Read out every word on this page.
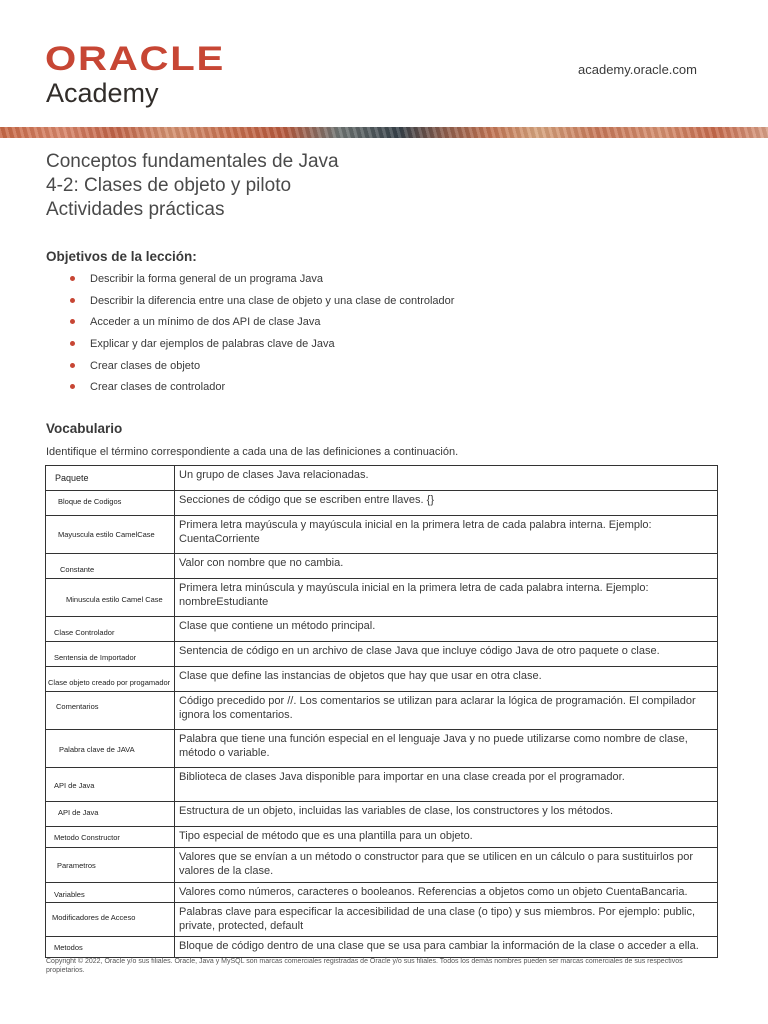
ORACLE
Academy
academy.oracle.com
Conceptos fundamentales de Java
4-2: Clases de objeto y piloto
Actividades prácticas
Objetivos de la lección:
Describir la forma general de un programa Java
Describir la diferencia entre una clase de objeto y una clase de controlador
Acceder a un mínimo de dos API de clase Java
Explicar y dar ejemplos de palabras clave de Java
Crear clases de objeto
Crear clases de controlador
Vocabulario
Identifique el término correspondiente a cada una de las definiciones a continuación.
Paquete	Un grupo de clases Java relacionadas.

Bloque de Codigos	Secciones de código que se escriben entre llaves. {}

Mayuscula estilo CamelCase	Primera letra mayúscula y mayúscula inicial en la primera letra de cada palabra interna. Ejemplo: CuentaCorriente

Constante	Valor con nombre que no cambia.

Minuscula estilo Camel Case	Primera letra minúscula y mayúscula inicial en la primera letra de cada palabra interna. Ejemplo: nombreEstudiante

Clase Controlador	Clase que contiene un método principal.

Sentensia de Importador	Sentencia de código en un archivo de clase Java que incluye código Java de otro paquete o clase.

Clase objeto creado por progamador	Clase que define las instancias de objetos que hay que usar en otra clase.

Comentarios	Código precedido por //. Los comentarios se utilizan para aclarar la lógica de programación. El compilador ignora los comentarios.

Palabra clave de JAVA	Palabra que tiene una función especial en el lenguaje Java y no puede utilizarse como nombre de clase, método o variable.

API de Java	Biblioteca de clases Java disponible para importar en una clase creada por el programador.

API de Java	Estructura de un objeto, incluidas las variables de clase, los constructores y los métodos.

Metodo Constructor	Tipo especial de método que es una plantilla para un objeto.

Parametros	Valores que se envían a un método o constructor para que se utilicen en un cálculo o para sustituirlos por valores de la clase.

Variables	Valores como números, caracteres o booleanos. Referencias a objetos como un objeto CuentaBancaria.

Modificadores de Acceso	Palabras clave para especificar la accesibilidad de una clase (o tipo) y sus miembros. Por ejemplo: public, private, protected, default

Metodos	Bloque de código dentro de una clase que se usa para cambiar la información de la clase o acceder a ella.
Copyright © 2022, Oracle y/o sus filiales. Oracle, Java y MySQL son marcas comerciales registradas de Oracle y/o sus filiales. Todos los demás nombres pueden ser marcas comerciales de sus respectivos propietarios.
